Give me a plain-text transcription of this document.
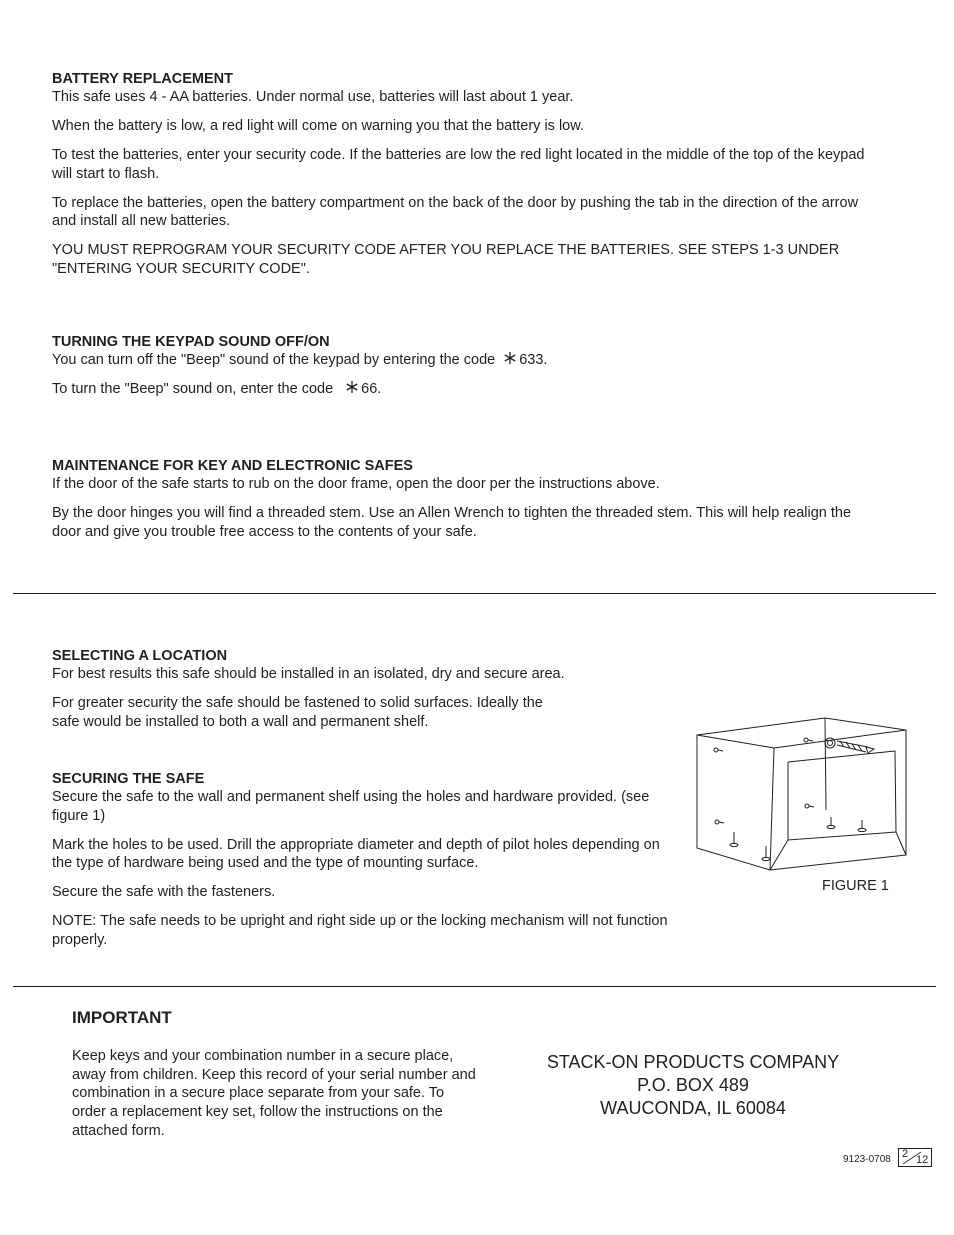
BATTERY REPLACEMENT

This safe uses 4 - AA batteries. Under normal use, batteries will last about 1 year.

When the battery is low, a red light will come on warning you that the battery is low.

To test the batteries, enter your security code. If the batteries are low the red light located in the middle of the top of the keypad will start to flash.

To replace the batteries, open the battery compartment on the back of the door by pushing the tab in the direction of the arrow and install all new batteries.

YOU MUST REPROGRAM YOUR SECURITY CODE AFTER YOU REPLACE THE BATTERIES. SEE STEPS 1-3 UNDER "ENTERING YOUR SECURITY CODE".

TURNING THE KEYPAD SOUND OFF/ON

You can turn off the "Beep" sound of the keypad by entering the code 633.

To turn the "Beep" sound on, enter the code 66.

MAINTENANCE FOR KEY AND ELECTRONIC SAFES

If the door of the safe starts to rub on the door frame, open the door per the instructions above.

By the door hinges you will find a threaded stem. Use an Allen Wrench to tighten the threaded stem. This will help realign the door and give you trouble free access to the contents of your safe.

SELECTING A LOCATION

For best results this safe should be installed in an isolated, dry and secure area.

For greater security the safe should be fastened to solid surfaces. Ideally the
safe would be installed to both a wall and permanent shelf.

SECURING THE SAFE

Secure the safe to the wall and permanent shelf using the holes and hardware provided. (see figure 1)

Mark the holes to be used. Drill the appropriate diameter and depth of pilot holes depending on the type of hardware being used and the type of mounting surface.

Secure the safe with the fasteners.

NOTE: The safe needs to be upright and right side up or the locking mechanism will not function properly.

FIGURE 1

IMPORTANT

Keep keys and your combination number in a secure place, away from children. Keep this record of your serial number and combination in a secure place separate from your safe. To order a replacement key set, follow the instructions on the attached form.

STACK-ON PRODUCTS COMPANY
P.O. BOX 489
WAUCONDA, IL 60084
9123-0708 2 12
